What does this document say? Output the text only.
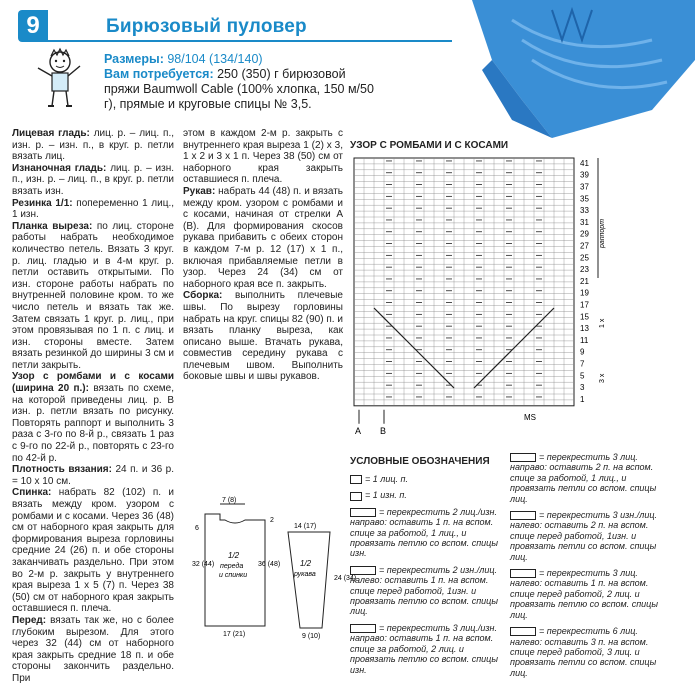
9	Бирюзовый пуловер
Размеры: 98/104 (134/140)
Вам потребуется: 250 (350) г бирюзовой пряжи Baumwoll Cable (100% хлопка, 150 м/50 г), прямые и круговые спицы № 3,5.

Лицевая гладь: лиц. р. – лиц. п., изн. р. – изн. п., в круг. р. петли вязать лиц.

Изнаночная гладь: лиц. р. – изн. п., изн. р. – лиц. п., в круг. р. петли вязать изн.

Резинка 1/1: попеременно 1 лиц., 1 изн.

Планка выреза: по лиц. стороне работы набрать необходимое количество петель. Вязать 3 круг. р. лиц. гладью и в 4-м круг. р. петли оставить открытыми. По изн. стороне работы набрать по внутренней половине кром. то же число петель и вязать так же. Затем связать 1 круг. р. лиц., при этом провязывая по 1 п. с лиц. и изн. стороны вместе. Затем вязать резинкой до ширины 3 см и петли закрыть.

Узор с ромбами и с косами (ширина 20 п.): вязать по схеме, на которой приведены лиц. р. В изн. р. петли вязать по рисунку. Повторять раппорт и выполнить 3 раза с 3-го по 8-й р., связать 1 раз с 9-го по 22-й р., повторять с 23-го по 42-й р.

Плотность вязания: 24 п. и 36 р. = 10 х 10 см.

Спинка: набрать 82 (102) п. и вязать между кром. узором с ромбами и с косами. Через 36 (48) см от наборного края закрыть для формирования выреза горловины средние 24 (26) п. и обе стороны заканчивать раздельно. При этом во 2-м р. закрыть у внутреннего края выреза 1 х 5 (7) п. Через 38 (50) см от наборного края закрыть оставшиеся п. плеча.

Перед: вязать так же, но с более глубоким вырезом. Для этого через 32 (44) см от наборного края закрыть средние 18 п. и обе стороны закончить раздельно. При

этом в каждом 2-м р. закрыть с внутреннего края выреза 1 (2) х 3, 1 х 2 и 3 х 1 п. Через 38 (50) см от наборного края закрыть оставшиеся п. плеча.

Рукав: набрать 44 (48) п. и вязать между кром. узором с ромбами и с косами, начиная от стрелки А (В). Для формирования скосов рукава прибавить с обеих сторон в каждом 7-м р. 12 (17) х 1 п., включая прибавляемые петли в узор. Через 24 (34) см от наборного края все п. закрыть.

Сборка: выполнить плечевые швы. По вырезу горловины набрать на круг. спицы 82 (90) п. и вязать планку выреза, как описано выше. Втачать рукава, совместив середину рукава с плечевым швом. Выполнить боковые швы и швы рукавов.

УЗОР С РОМБАМИ И С КОСАМИ
41
39
37
35
33
31
29
27
25
23
21
19
17
15
13
11
9
7
5
3
1
раппорт
1 х
3 х
A B
MS
УСЛОВНЫЕ ОБОЗНАЧЕНИЯ
= 1 лиц. п.
= 1 изн. п.
= перекрестить 2 лиц./изн. направо: оставить 1 п. на вспом. спице за работой, 1 лиц., и провязать петлю со вспом. спицы изн.
= перекрестить 2 изн./лиц. налево: оставить 1 п. на вспом. спице перед работой, 1изн. и провязать петлю со вспом. спицы лиц.
= перекрестить 3 лиц./изн. направо: оставить 1 п. на вспом. спице за работой, 2 лиц. и провязать петлю со вспом. спицы изн.
= перекрестить 3 лиц. направо: оставить 2 п. на вспом. спице за работой, 1 лиц., и провязать петли со вспом. спицы лиц.
= перекрестить 3 изн./лиц. налево: оставить 2 п. на вспом. спице перед работой, 1изн. и провязать петли со вспом. спицы лиц.
= перекрестить 3 лиц. налево: оставить 1 п. на вспом. спице перед работой, 2 лиц. и провязать петлю со вспом. спицы лиц.
= перекрестить 6 лиц. налево: оставить 3 п. на вспом. спице перед работой, 3 лиц. и провязать петли со вспом. спицы лиц.
7 (8)
6
2
32 (44)	36 (48)
1/2
переда
и спинки
17 (21)
14 (17)
1/2
рукава
24 (34)
9 (10)
